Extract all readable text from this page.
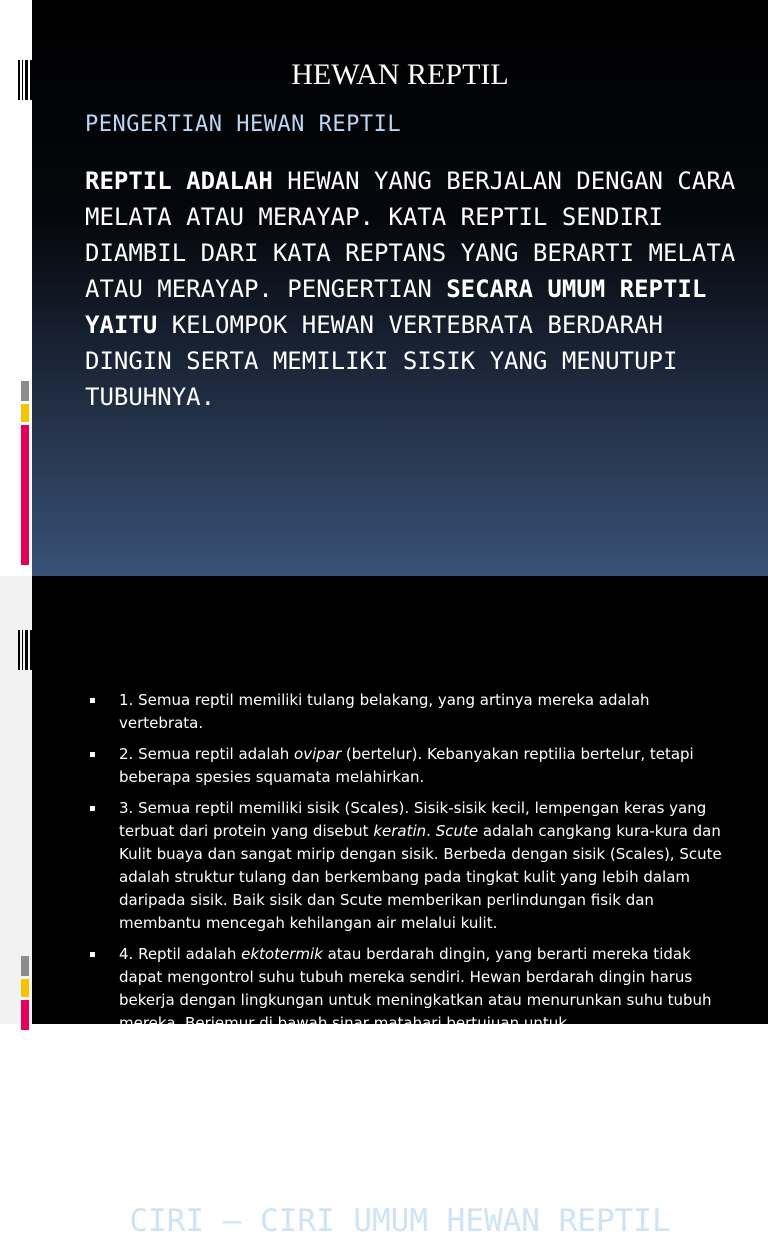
HEWAN REPTIL
PENGERTIAN HEWAN REPTIL
REPTIL ADALAH HEWAN YANG BERJALAN DENGAN CARA MELATA ATAU MERAYAP. KATA REPTIL SENDIRI DIAMBIL DARI KATA REPTANS YANG BERARTI MELATA ATAU MERAYAP. PENGERTIAN SECARA UMUM REPTIL YAITU KELOMPOK HEWAN VERTEBRATA BERDARAH DINGIN SERTA MEMILIKI SISIK YANG MENUTUPI TUBUHNYA.
CIRI – CIRI UMUM HEWAN REPTIL
1. Semua reptil memiliki tulang belakang, yang artinya mereka adalah vertebrata.
2. Semua reptil adalah ovipar (bertelur). Kebanyakan reptilia bertelur, tetapi beberapa spesies squamata melahirkan.
3. Semua reptil memiliki sisik (Scales). Sisik-sisik kecil, lempengan keras yang terbuat dari protein yang disebut keratin. Scute adalah cangkang kura-kura dan Kulit buaya dan sangat mirip dengan sisik. Berbeda dengan sisik (Scales), Scute adalah struktur tulang dan berkembang pada tingkat kulit yang lebih dalam daripada sisik. Baik sisik dan Scute memberikan perlindungan fisik dan membantu mencegah kehilangan air melalui kulit.
4. Reptil adalah ektotermik atau berdarah dingin, yang berarti mereka tidak dapat mengontrol suhu tubuh mereka sendiri. Hewan berdarah dingin harus bekerja dengan lingkungan untuk meningkatkan atau menurunkan suhu tubuh mereka. Berjemur di bawah sinar matahari bertujuan untuk
